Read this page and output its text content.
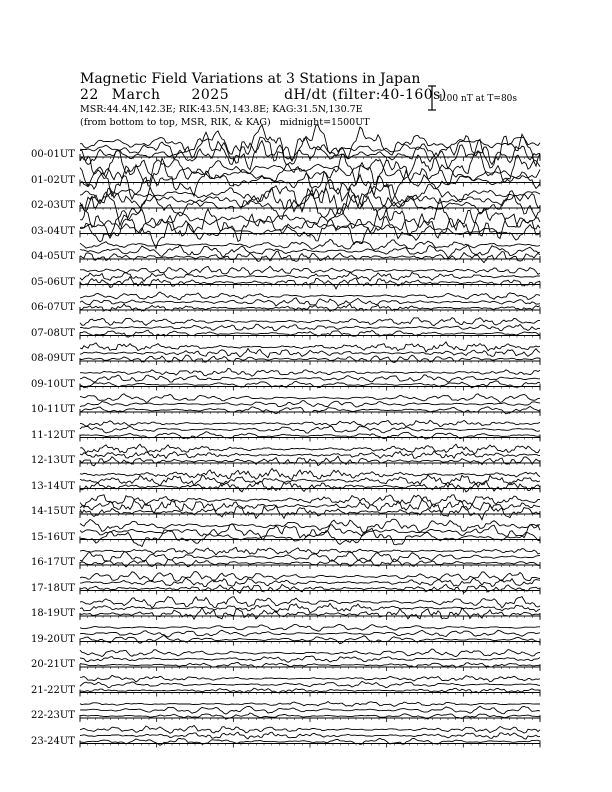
Magnetic Field Variations at 3 Stations in Japan
22 March 2025	dH/dt (filter:40-160s)
MSR:44.4N,142.3E; RIK:43.5N,143.8E; KAG:31.5N,130.7E
(from bottom to top, MSR, RIK, & KAG) midnight=1500UT
1.00 nT at T=80s
00-01UT
01-02UT
02-03UT
03-04UT
04-05UT
05-06UT
06-07UT
07-08UT
08-09UT
09-10UT
10-11UT
11-12UT
12-13UT
13-14UT
14-15UT
15-16UT
16-17UT
17-18UT
18-19UT
19-20UT
20-21UT
21-22UT
22-23UT
23-24UT
